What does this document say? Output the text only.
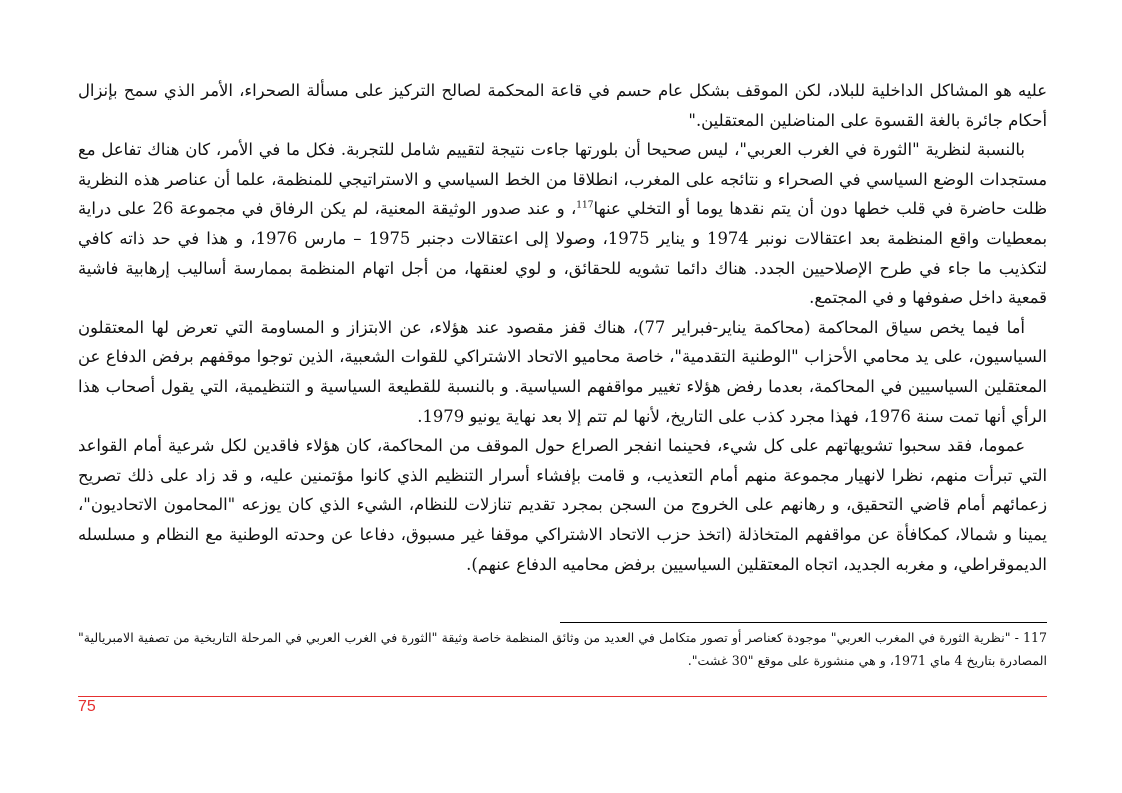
عليه هو المشاكل الداخلية للبلاد، لكن الموقف بشكل عام حسم في قاعة المحكمة لصالح التركيز على مسألة الصحراء، الأمر الذي سمح بإنزال أحكام جائرة بالغة القسوة على المناضلين المعتقلين."

بالنسبة لنظرية "الثورة في الغرب العربي"، ليس صحيحا أن بلورتها جاءت نتيجة لتقييم شامل للتجربة. فكل ما في الأمر، كان هناك تفاعل مع مستجدات الوضع السياسي في الصحراء و نتائجه على المغرب، انطلاقا من الخط السياسي و الاستراتيجي للمنظمة، علما أن عناصر هذه النظرية ظلت حاضرة في قلب خطها دون أن يتم نقدها يوما أو التخلي عنها$^{117}$، و عند صدور الوثيقة المعنية، لم يكن الرفاق في مجموعة 26 على دراية بمعطيات واقع المنظمة بعد اعتقالات نونبر 1974 و يناير 1975، وصولا إلى اعتقالات دجنبر 1975 – مارس 1976، و هذا في حد ذاته كافي لتكذيب ما جاء في طرح الإصلاحيين الجدد. هناك دائما تشويه للحقائق، و لوي لعنقها، من أجل اتهام المنظمة بممارسة أساليب إرهابية فاشية قمعية داخل صفوفها و في المجتمع.

أما فيما يخص سياق المحاكمة (محاكمة يناير-فبراير 77)، هناك قفز مقصود عند هؤلاء، عن الابتزاز و المساومة التي تعرض لها المعتقلون السياسيون، على يد محامي الأحزاب "الوطنية التقدمية"، خاصة محاميو الاتحاد الاشتراكي للقوات الشعبية، الذين توجوا موقفهم برفض الدفاع عن المعتقلين السياسيين في المحاكمة، بعدما رفض هؤلاء تغيير مواقفهم السياسية. و بالنسبة للقطيعة السياسية و التنظيمية، التي يقول أصحاب هذا الرأي أنها تمت سنة 1976، فهذا مجرد كذب على التاريخ، لأنها لم تتم إلا بعد نهاية يونيو 1979.

عموما، فقد سحبوا تشويهاتهم على كل شيء، فحينما انفجر الصراع حول الموقف من المحاكمة، كان هؤلاء فاقدين لكل شرعية أمام القواعد التي تبرأت منهم، نظرا لانهيار مجموعة منهم أمام التعذيب، و قامت بإفشاء أسرار التنظيم الذي كانوا مؤتمنين عليه، و قد زاد على ذلك تصريح زعمائهم أمام قاضي التحقيق، و رهانهم على الخروج من السجن بمجرد تقديم تنازلات للنظام، الشيء الذي كان يوزعه "المحامون الاتحاديون"، يمينا و شمالا، كمكافأة عن مواقفهم المتخاذلة (اتخذ حزب الاتحاد الاشتراكي موقفا غير مسبوق، دفاعا عن وحدته الوطنية مع النظام و مسلسله الديموقراطي، و مغربه الجديد، اتجاه المعتقلين السياسيين برفض محاميه الدفاع عنهم).

117 - "نظرية الثورة في المغرب العربي" موجودة كعناصر أو تصور متكامل في العديد من وثائق المنظمة خاصة وثيقة "الثورة في الغرب العربي في المرحلة التاريخية من تصفية الامبريالية" المصادرة بتاريخ 4 ماي 1971، و هي منشورة على موقع "30 غشت".

75
